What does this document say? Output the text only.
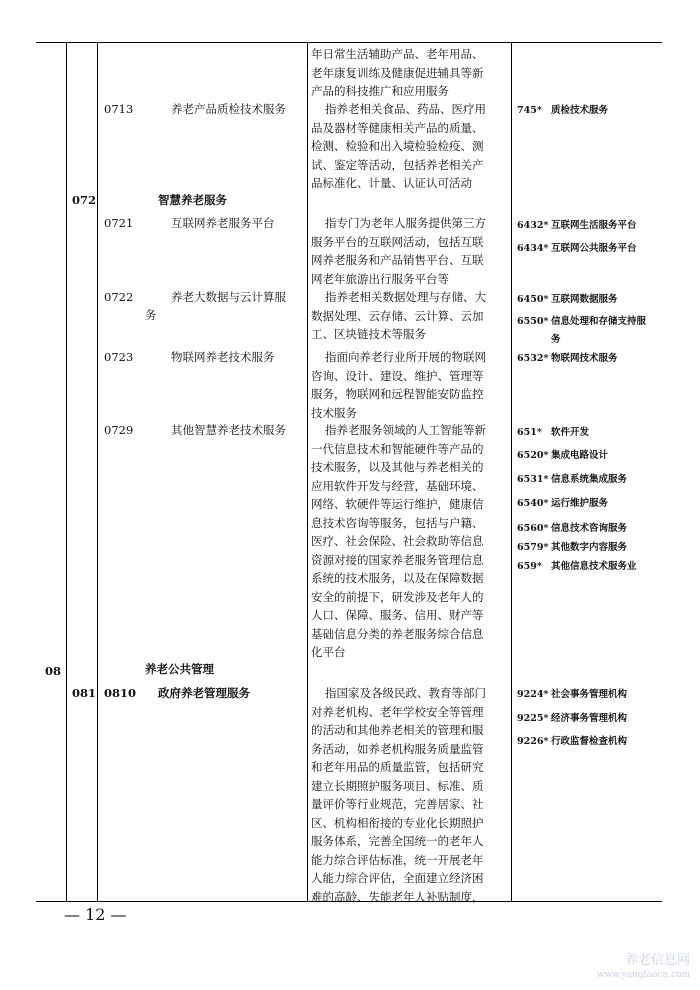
年日常生活辅助产品、老年用品、
老年康复训练及健康促进辅具等新
产品的科技推广和应用服务
0713	养老产品质检技术服务	指养老相关食品、药品、医疗用
品及器材等健康相关产品的质量、
检测、检验和出入境检验检疫、测
试、鉴定等活动，包括养老相关产
品标准化、计量、认证认可活动
745* 质检技术服务
072	智慧养老服务
0721	互联网养老服务平台	指专门为老年人服务提供第三方
服务平台的互联网活动，包括互联
网养老服务和产品销售平台、互联
网老年旅游出行服务平台等
6432* 互联网生活服务平台
6434* 互联网公共服务平台
0722	养老大数据与云计算服
务
指养老相关数据处理与存储、大
数据处理、云存储、云计算、云加
工、区块链技术等服务
6450* 互联网数据服务
6550* 信息处理和存储支持服
务
0723	物联网养老技术服务	指面向养老行业所开展的物联网
咨询、设计、建设、维护、管理等
服务，物联网和远程智能安防监控
技术服务
6532* 物联网技术服务
0729	其他智慧养老技术服务	指养老服务领域的人工智能等新
一代信息技术和智能硬件等产品的
技术服务，以及其他与养老相关的
应用软件开发与经营，基础环境、
网络、软硬件等运行维护，健康信
息技术咨询等服务，包括与户籍、
医疗、社会保险、社会救助等信息
资源对接的国家养老服务管理信息
系统的技术服务，以及在保障数据
安全的前提下，研发涉及老年人的
人口、保障、服务、信用、财产等
基础信息分类的养老服务综合信息
化平台
651* 软件开发
6520* 集成电路设计
6531* 信息系统集成服务
6540* 运行维护服务
6560* 信息技术咨询服务
6579* 其他数字内容服务
659* 其他信息技术服务业
08	养老公共管理
081 0810 政府养老管理服务	指国家及各级民政、教育等部门
对养老机构、老年学校安全等管理
的活动和其他养老相关的管理和服
务活动，如养老机构服务质量监管
和老年用品的质量监管，包括研究
建立长期照护服务项目、标准、质
量评价等行业规范，完善居家、社
区、机构相衔接的专业化长期照护
服务体系，完善全国统一的老年人
能力综合评估标准，统一开展老年
人能力综合评估，全面建立经济困
难的高龄、失能老年人补贴制度，
9224* 社会事务管理机构
9225* 经济事务管理机构
9226* 行政监督检查机构
— 12 —
养老信息网
www.yanglaocn.com
